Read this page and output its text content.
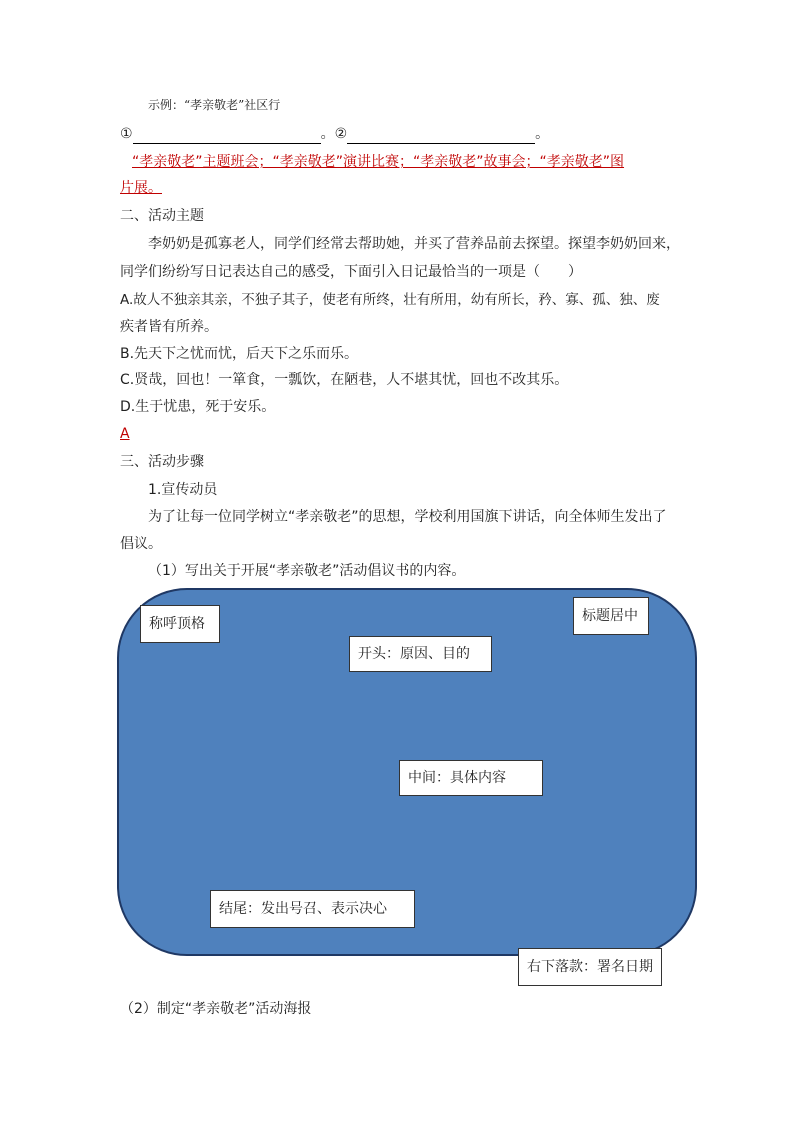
示例：“孝亲敬老”社区行
①	。②	。
“孝亲敬老”主题班会；“孝亲敬老”演讲比赛；“孝亲敬老”故事会；“孝亲敬老”图
片展。
二、活动主题
李奶奶是孤寡老人，同学们经常去帮助她，并买了营养品前去探望。探望李奶奶回来，
同学们纷纷写日记表达自己的感受，下面引入日记最恰当的一项是（　　）
A.故人不独亲其亲，不独子其子，使老有所终，壮有所用，幼有所长，矜、寡、孤、独、废
疾者皆有所养。
B.先天下之忧而忧，后天下之乐而乐。
C.贤哉，回也！一箪食，一瓢饮，在陋巷，人不堪其忧，回也不改其乐。
D.生于忧患，死于安乐。
A
三、活动步骤
1.宣传动员
为了让每一位同学树立“孝亲敬老”的思想，学校利用国旗下讲话，向全体师生发出了
倡议。
（1）写出关于开展“孝亲敬老”活动倡议书的内容。
称呼顶格	标题居中
开头：原因、目的
中间：具体内容
结尾：发出号召、表示决心
右下落款：署名日期
（2）制定“孝亲敬老”活动海报
